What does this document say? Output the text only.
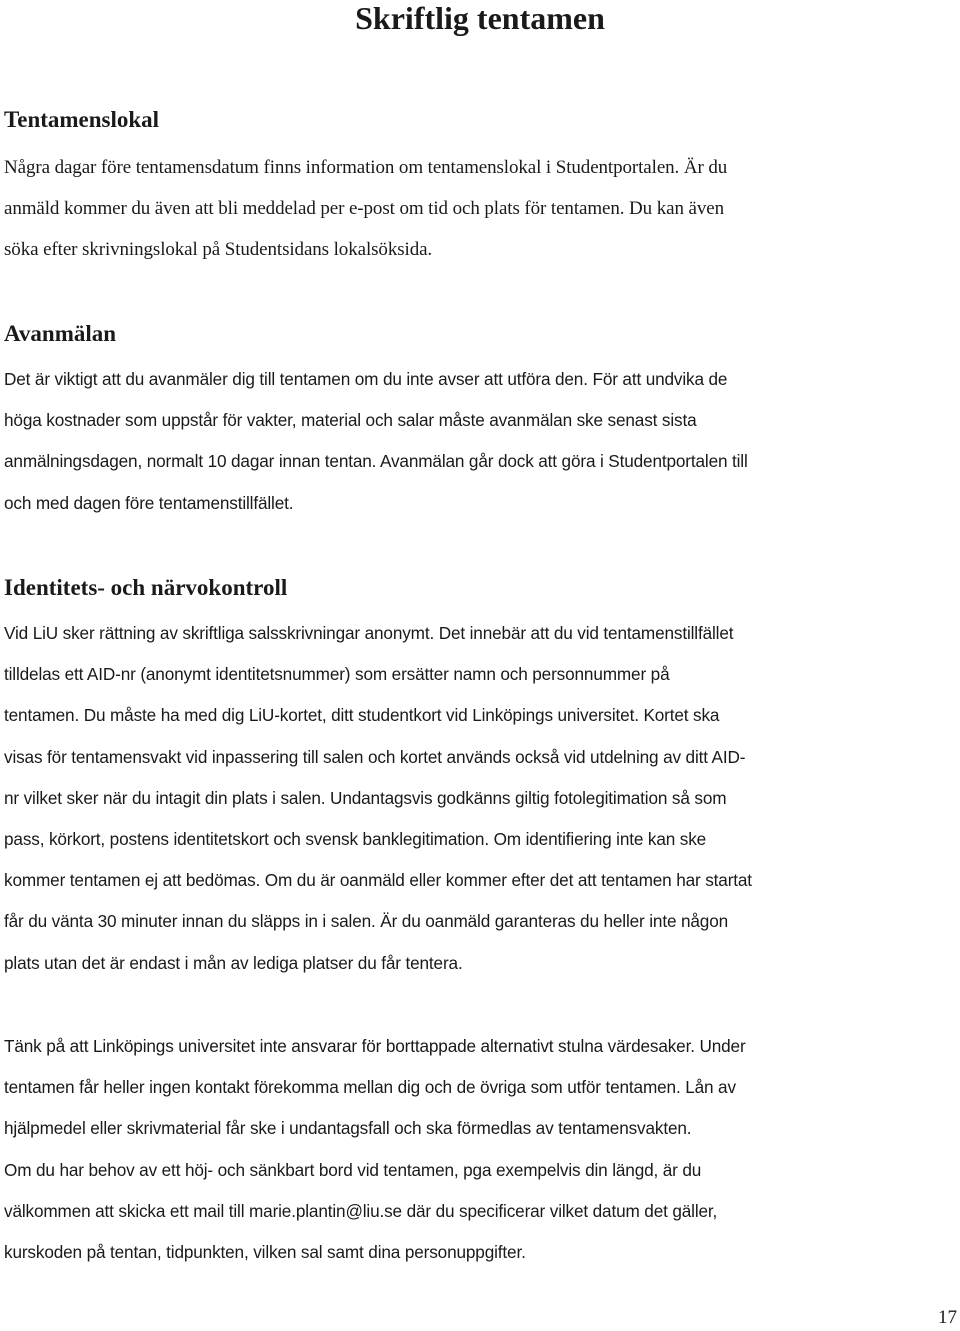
Skriftlig tentamen
Tentamenslokal
Några dagar före tentamensdatum finns information om tentamenslokal i Studentportalen. Är du
anmäld kommer du även att bli meddelad per e-post om tid och plats för tentamen. Du kan även
söka efter skrivningslokal på Studentsidans lokalsöksida.
Avanmälan
Det är viktigt att du avanmäler dig till tentamen om du inte avser att utföra den. För att undvika de
höga kostnader som uppstår för vakter, material och salar måste avanmälan ske senast sista
anmälningsdagen, normalt 10 dagar innan tentan. Avanmälan går dock att göra i Studentportalen till
och med dagen före tentamenstillfället.
Identitets- och närvokontroll
Vid LiU sker rättning av skriftliga salsskrivningar anonymt. Det innebär att du vid tentamenstillfället
tilldelas ett AID-nr (anonymt identitetsnummer) som ersätter namn och personnummer på
tentamen. Du måste ha med dig LiU-kortet, ditt studentkort vid Linköpings universitet. Kortet ska
visas för tentamensvakt vid inpassering till salen och kortet används också vid utdelning av ditt AID-
nr vilket sker när du intagit din plats i salen. Undantagsvis godkänns giltig fotolegitimation så som
pass, körkort, postens identitetskort och svensk banklegitimation. Om identifiering inte kan ske
kommer tentamen ej att bedömas. Om du är oanmäld eller kommer efter det att tentamen har startat
får du vänta 30 minuter innan du släpps in i salen. Är du oanmäld garanteras du heller inte någon
plats utan det är endast i mån av lediga platser du får tentera.
Tänk på att Linköpings universitet inte ansvarar för borttappade alternativt stulna värdesaker. Under
tentamen får heller ingen kontakt förekomma mellan dig och de övriga som utför tentamen. Lån av
hjälpmedel eller skrivmaterial får ske i undantagsfall och ska förmedlas av tentamensvakten.
Om du har behov av ett höj- och sänkbart bord vid tentamen, pga exempelvis din längd, är du
välkommen att skicka ett mail till marie.plantin@liu.se där du specificerar vilket datum det gäller,
kurskoden på tentan, tidpunkten, vilken sal samt dina personuppgifter.
17
